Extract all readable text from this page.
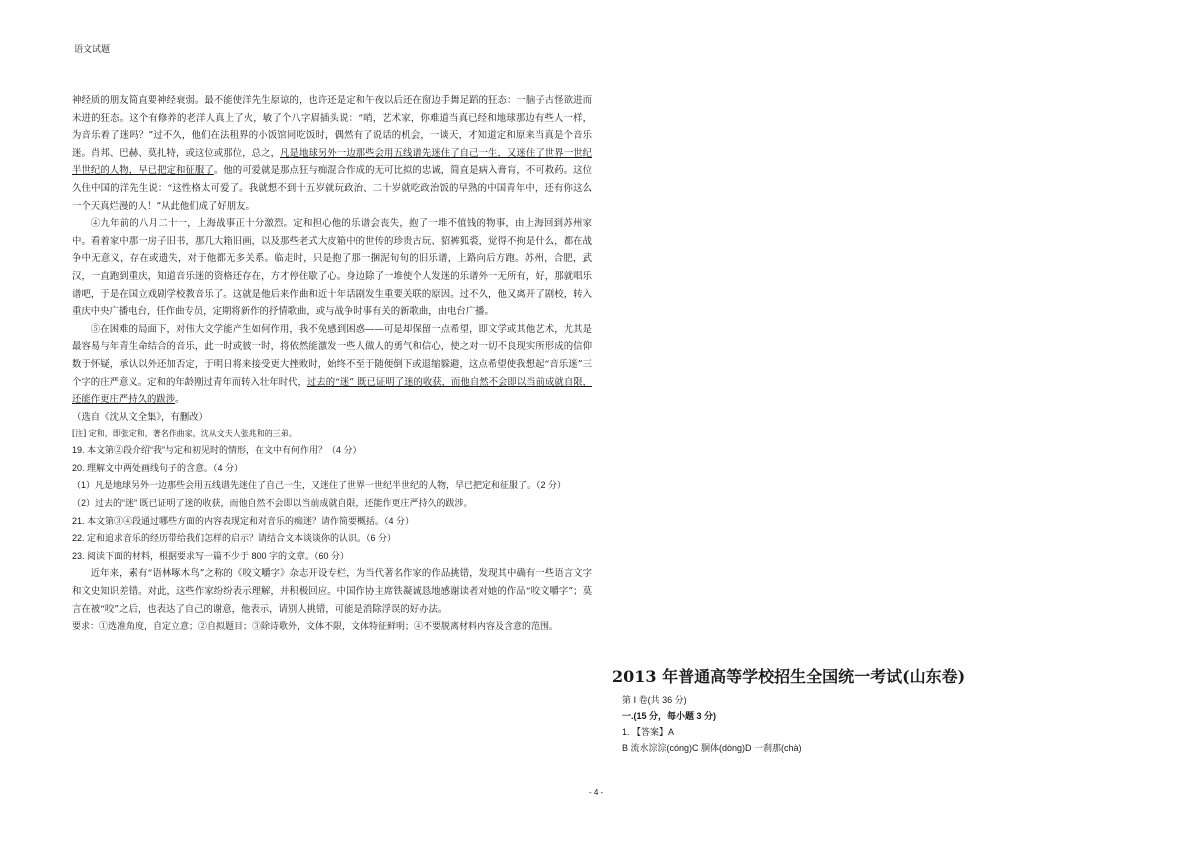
语文试题

神经质的朋友简直要神经衰弱。最不能使洋先生原谅的，也许还是定和午夜以后还在窗边手舞足蹈的狂态：一脑子古怪欲进而未进的狂态。这个有修养的老洋人真上了火，敏了个八字眉插头说：“哨，艺术家，你难道当真已经和地球那边有些人一样，为音乐着了迷吗？”过不久，他们在法租界的小饭馆同吃饭时，偶然有了说话的机会，一谈天，才知道定和原来当真是个音乐迷。肖邦、巴赫、莫扎特，或这位或那位，总之，凡是地球另外一边那些会用五线谱先迷住了自己一生，又迷住了世界一世纪半世纪的人物，早已把定和征服了。他的可爱就是那点狂与痴混合作成的无可比拟的忠诚，简直是病入膏肓，不可救药。这位久住中国的洋先生说：“这性格太可爱了。我就想不到十五岁就玩政治、二十岁就吃政治饭的早熟的中国青年中，还有你这么一个天真烂漫的人！”从此他们成了好朋友。

④九年前的八月二十一，上海战事正十分激烈。定和担心他的乐谱会丧失，抱了一堆不值钱的物事，由上海回到苏州家中。看着家中那一房子旧书，那几大箱旧画，以及那些老式大皮箱中的世传的珍贵古玩、貂裤狐裘，觉得不拘是什么，都在战争中无意义，存在或遗失，对于他都无多关系。临走时，只是抱了那一捆泥旬旬的旧乐谱，上路向后方跑。苏州，合肥，武汉，一直跑到重庆，知道音乐迷的资格还存在，方才停住歇了心。身边除了一堆使个人发迷的乐谱外一无所有，好，那就唱乐谱吧，于是在国立戏剧学校教音乐了。这就是他后来作曲和近十年话剧发生重要关联的原因。过不久，他又离开了剧校，转入重庆中央广播电台，任作曲专员，定期将新作的抒情歌曲，或与战争时事有关的新歌曲，由电台广播。

⑤在困难的局面下，对伟大文学能产生如何作用，我不免感到困惑——可是却保留一点希望，即文学或其他艺术，尤其是最容易与年青生命结合的音乐，此一时或彼一时，将依然能激发一些人做人的勇气和信心，使之对一切不良现实所形成的信仰数于怀疑，承认以外还加否定，于明日将来接受更大挫败时，始终不至于随便倒下或退缩躲避，这点希望使我想起“音乐迷”三个字的庄严意义。定和的年龄刚过青年而转入壮年时代，过去的“迷” 既已证明了迷的收获，而他自然不会即以当前成就自限，还能作更庄严持久的跋涉。

（选自《沈从文全集》，有删改）

[注] 定和，即张定和，著名作曲家，沈从文夫人张兆和的三弟。

19. 本文第②段介绍“我”与定和初见时的情形，在文中有何作用？（4 分）

20. 理解文中两处画线句子的含意。（4 分）

（1）凡是地球另外一边那些会用五线谱先迷住了自己一生，又迷住了世界一世纪半世纪的人物，早已把定和征服了。（2 分）

（2）过去的“迷” 既已证明了迷的收获，而他自然不会即以当前成就自限，还能作更庄严持久的跋涉。

21. 本文第③④段通过哪些方面的内容表现定和对音乐的痴迷？请作简要概括。（4 分）

22. 定和追求音乐的经历带给我们怎样的启示？请结合文本谈谈你的认识。（6 分）

23. 阅读下面的材料，根据要求写一篇不少于 800 字的文章。（60 分）

近年来，素有“语林啄木鸟”之称的《咬文嚼字》杂志开设专栏，为当代著名作家的作品挑错，发现其中确有一些语言文字和文史知识差错。对此，这些作家纷纷表示理解，并积极回应。中国作协主席铁凝诚恳地感谢读者对她的作品“咬文嚼字”；莫言在被“咬”之后，也表达了自己的谢意，他表示，请别人挑错，可能是消除浮误的好办法。

要求：①选准角度，自定立意；②自拟题目；③除诗歌外，文体不限，文体特征鲜明；④不要脱离材料内容及含意的范围。

2013 年普通高等学校招生全国统一考试(山东卷)

第 Ⅰ 卷(共 36 分)

一.(15 分，每小题 3 分)

1. 【答案】A

B 流水淙淙(cóng)C 胴体(dòng)D 一刹那(chà)

- 4 -
